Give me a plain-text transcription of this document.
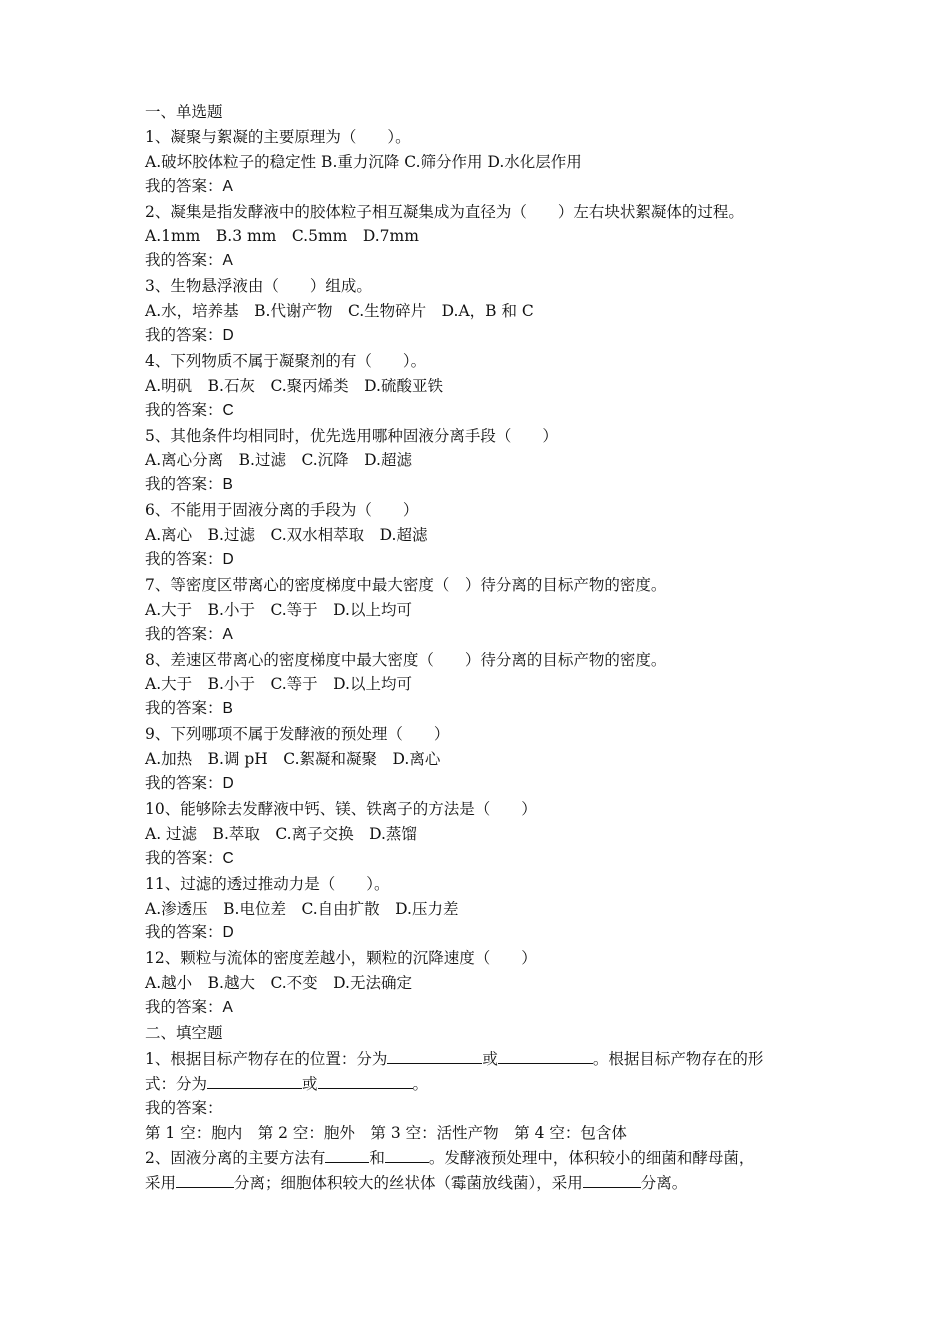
一、单选题
1、凝聚与絮凝的主要原理为（　　）。
A.破坏胶体粒子的稳定性 B.重力沉降 C.筛分作用 D.水化层作用
我的答案：A
2、凝集是指发酵液中的胶体粒子相互凝集成为直径为（　　）左右块状絮凝体的过程。
A.1mm　B.3 mm　C.5mm　D.7mm
我的答案：A
3、生物悬浮液由（　　）组成。
A.水，培养基　B.代谢产物　C.生物碎片　D.A，B 和 C
我的答案：D
4、下列物质不属于凝聚剂的有（　　）。
A.明矾　B.石灰　C.聚丙烯类　D.硫酸亚铁
我的答案：C
5、其他条件均相同时，优先选用哪种固液分离手段（　　）
A.离心分离　B.过滤　C.沉降　D.超滤
我的答案：B
6、不能用于固液分离的手段为（　　）
A.离心　B.过滤　C.双水相萃取　D.超滤
我的答案：D
7、等密度区带离心的密度梯度中最大密度（　）待分离的目标产物的密度。
A.大于　B.小于　C.等于　D.以上均可
我的答案：A
8、差速区带离心的密度梯度中最大密度（　　）待分离的目标产物的密度。
A.大于　B.小于　C.等于　D.以上均可
我的答案：B
9、下列哪项不属于发酵液的预处理（　　）
A.加热　B.调 pH　C.絮凝和凝聚　D.离心
我的答案：D
10、能够除去发酵液中钙、镁、铁离子的方法是（　　）
A. 过滤　B.萃取　C.离子交换　D.蒸馏
我的答案：C
11、过滤的透过推动力是（　　）。
A.渗透压　B.电位差　C.自由扩散　D.压力差
我的答案：D
12、颗粒与流体的密度差越小，颗粒的沉降速度（　　）
A.越小　B.越大　C.不变　D.无法确定
我的答案：A
二、填空题
1、根据目标产物存在的位置：分为	或	。根据目标产物存在的形
式：分为	或	。
我的答案：
第 1 空：胞内　第 2 空：胞外　第 3 空：活性产物　第 4 空：包含体
2、固液分离的主要方法有	和	。发酵液预处理中，体积较小的细菌和酵母菌，
采用	分离；细胞体积较大的丝状体（霉菌放线菌），采用	分离。
